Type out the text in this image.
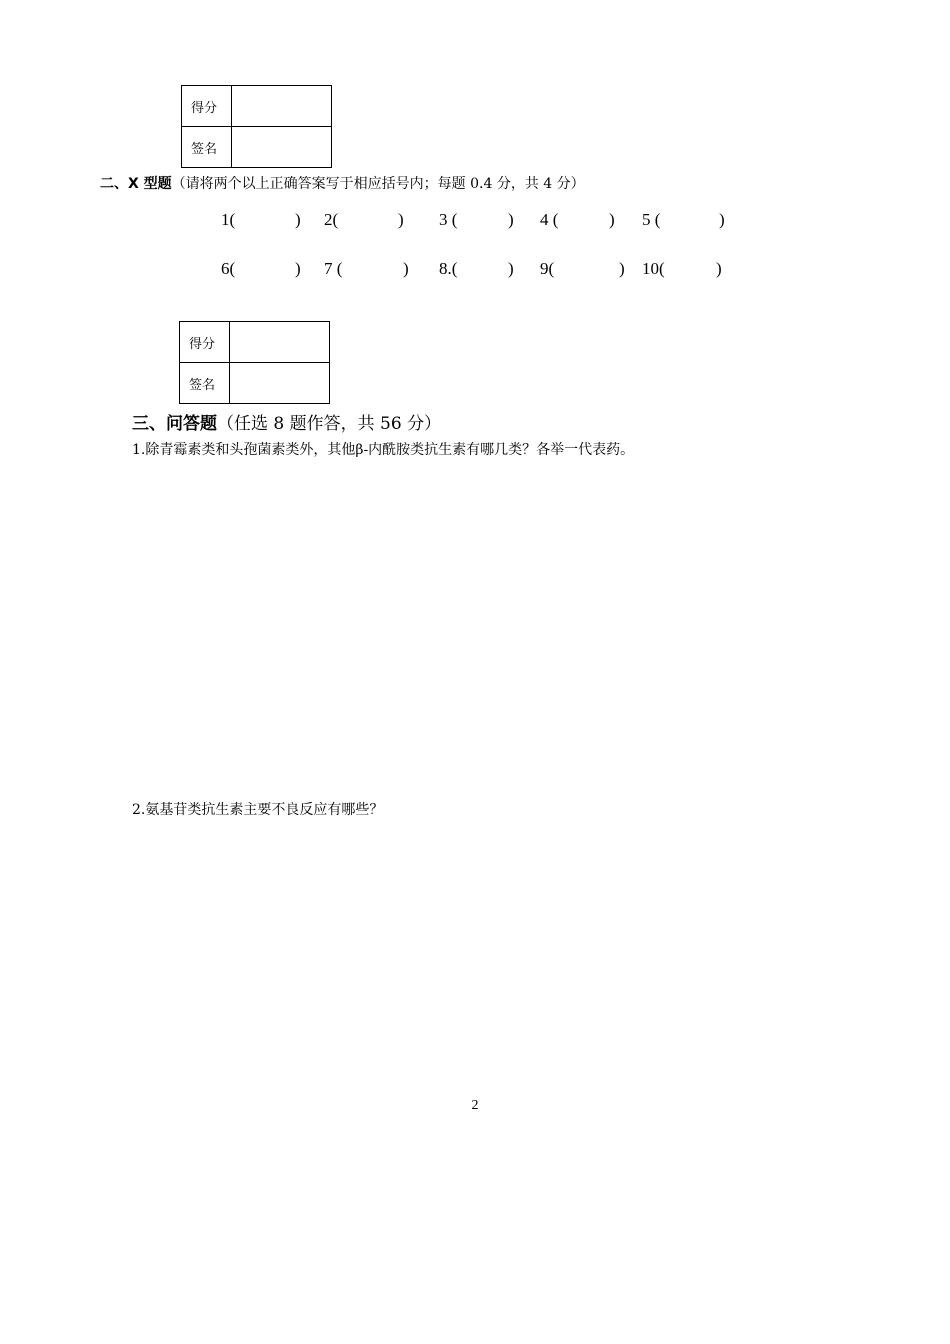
得分	
签名	
二、X 型题（请将两个以上正确答案写于相应括号内；每题 0.4 分，共 4 分）
1(	) 2(	) 3 (	) 4 (	) 5 (	)
6(	) 7 (	) 8.(	) 9(	) 10(	)
得分	
签名	
三、问答题（任选 8 题作答，共 56 分）
1.除青霉素类和头孢菌素类外，其他β-内酰胺类抗生素有哪几类？各举一代表药。
2.氨基苷类抗生素主要不良反应有哪些？
2
